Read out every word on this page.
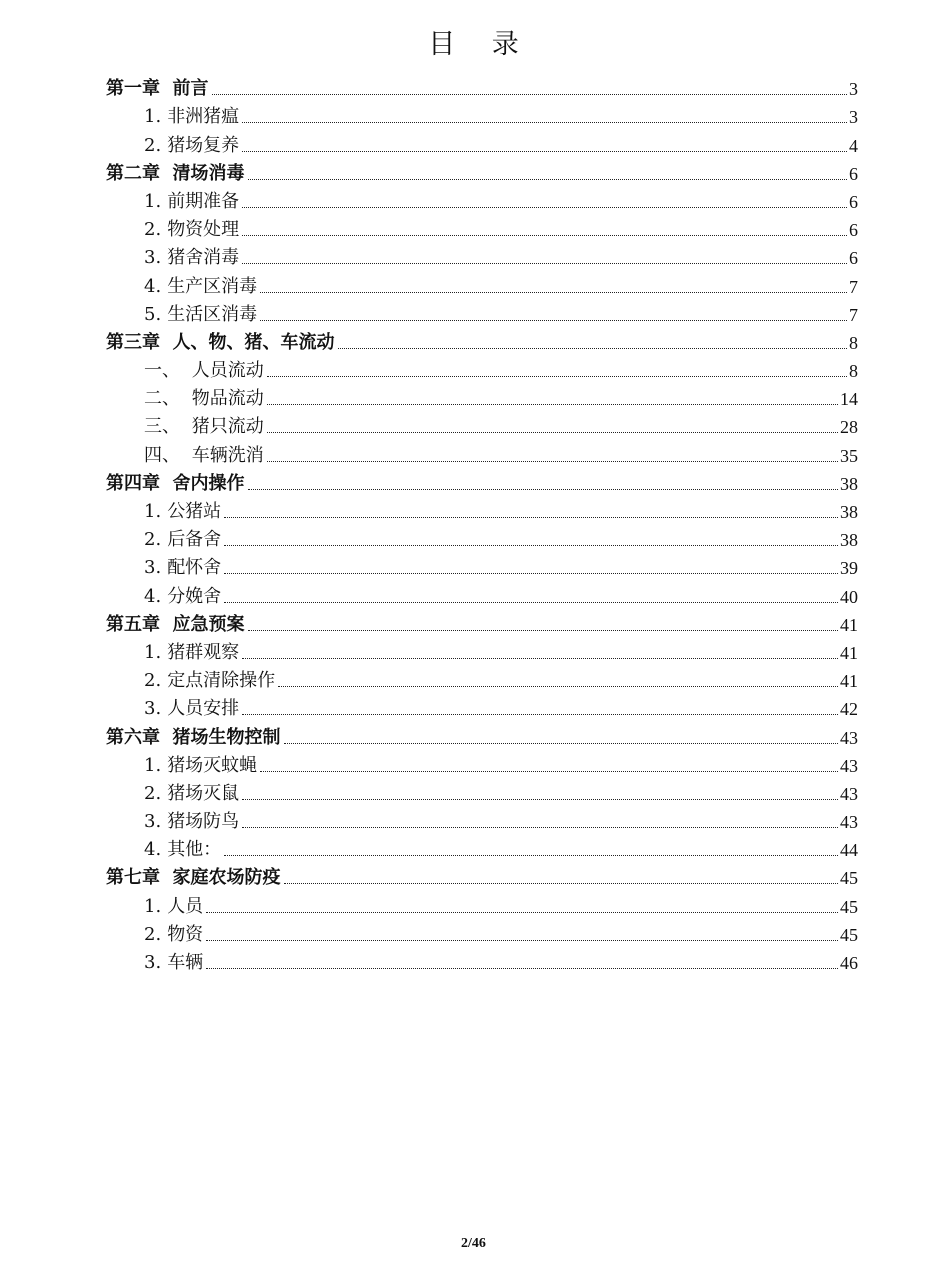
目 录
第一章  前言	3
1. 非洲猪瘟	3
2. 猪场复养	4
第二章  清场消毒	6
1. 前期准备	6
2. 物资处理	6
3. 猪舍消毒	6
4. 生产区消毒	7
5. 生活区消毒	7
第三章  人、物、猪、车流动	8
一、 人员流动	8
二、 物品流动	14
三、 猪只流动	28
四、 车辆洗消	35
第四章  舍内操作	38
1. 公猪站	38
2. 后备舍	38
3. 配怀舍	39
4. 分娩舍	40
第五章  应急预案	41
1. 猪群观察	41
2. 定点清除操作	41
3. 人员安排	42
第六章  猪场生物控制	43
1. 猪场灭蚊蝇	43
2. 猪场灭鼠	43
3. 猪场防鸟	43
4. 其他：	44
第七章  家庭农场防疫	45
1. 人员	45
2. 物资	45
3. 车辆	46
2/46
